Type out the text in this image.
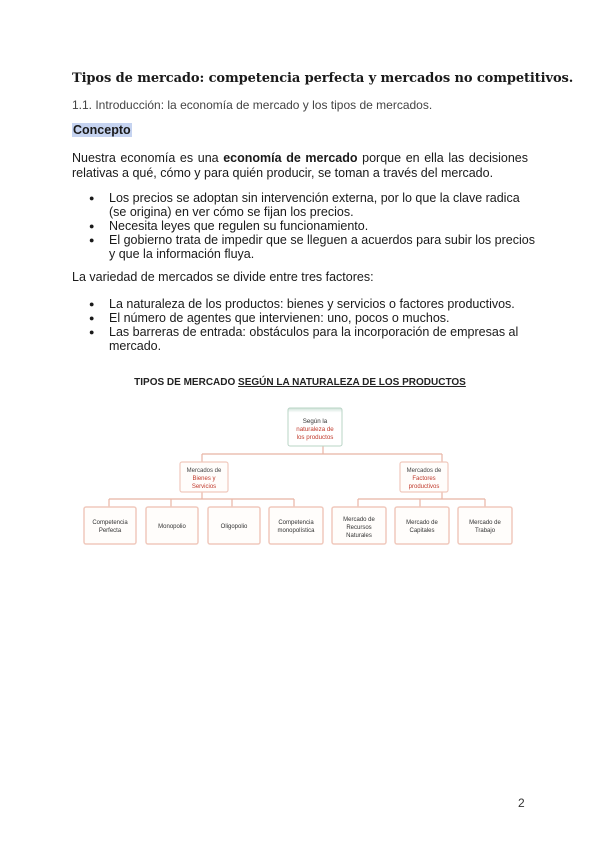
Tipos de mercado: competencia perfecta y mercados no competitivos.
1.1. Introducción: la economía de mercado y los tipos de mercados.
Concepto
Nuestra economía es una economía de mercado porque en ella las decisiones relativas a qué, cómo y para quién producir, se toman a través del mercado.
● Los precios se adoptan sin intervención externa, por lo que la clave radica (se origina) en ver cómo se fijan los precios.
● Necesita leyes que regulen su funcionamiento.
● El gobierno trata de impedir que se lleguen a acuerdos para subir los precios y que la información fluya.
La variedad de mercados se divide entre tres factores:
● La naturaleza de los productos: bienes y servicios o factores productivos.
● El número de agentes que intervienen: uno, pocos o muchos.
● Las barreras de entrada: obstáculos para la incorporación de empresas al mercado.
TIPOS DE MERCADO SEGÚN LA NATURALEZA DE LOS PRODUCTOS
Según la
naturaleza de
los productos
Mercados de
Bienes y
Servicios
Mercados de
Factores
productivos
Competencia
Perfecta
Monopolio	Oligopolio
Competencia
monopolística
Mercado de
Recursos
Naturales
Mercado de
Capitales
Mercado de
Trabajo
2
